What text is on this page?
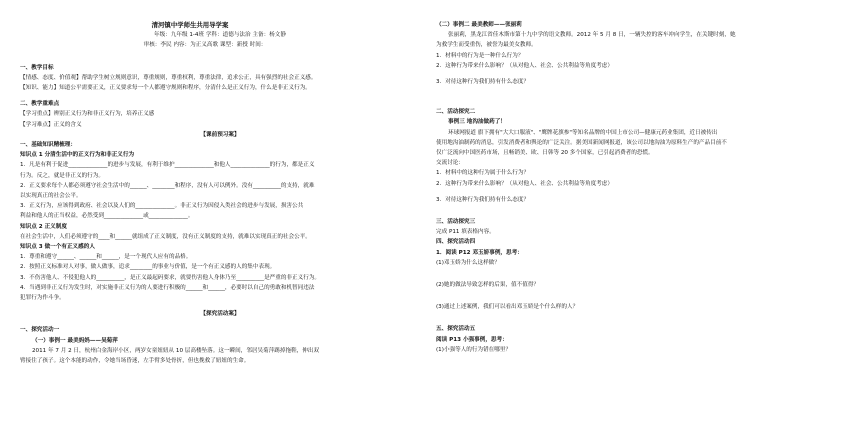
清河镇中学师生共用导学案
年级：九年级 1-4班 学科：道德与法治 主备：杨文静
审核：李民 内容：为正义高歌 课型：新授 时间：
一、教学目标
【情感、态度、价值观】帮助学生树立规则意识，尊重规则，尊重权利，尊重法律，追求公正，具有强烈的社会正义感。
【知识、能力】知道公平需要正义，正义要求每一个人都遵守规则和程序，分清什么是正义行为，什么是非正义行为。
二、教学重难点
【学习重点】辨别正义行为和非正义行为，培养正义感
【学习难点】正义的含义
【课前预习案】
一、基础知识精梳理：
知识点 1 分清生活中的正义行为和非正义行为
1．凡是有利于促进______________的进步与发展，有利于维护______________和他人______________的行为，都是正义
行为。反之，就是非正义的行为。
2．正义要求每个人都必须遵守社会生活中的______、________和程序，没有人可以例外。没有__________的支持，就难
以实现真正的社会公平。
3．正义行为，应该得到政府、社会以及人们的______________。非正义行为因侵入类社会的进步与发展，损害公共
利益和他人的正当权益，必然受到______________或______________。
知识点 2 正义制度
在社会生活中，人们必须遵守的____和______就组成了正义制度，没有正义制度的支持，就难以实现真正的社会公平。
知识点 3 做一个有正义感的人
1．尊重和遵守______、______和______，是一个现代人应有的品格。
2．按照正义标准对人对事，做人做事，追求________的事业与价值，是一个有正义感的人的集中表现。
3．不伤害他人、不侵犯他人的__________，是正义最起码要求，就要伤害他人身体乃至__________是严重的非正义行为。
4．当遇到非正义行为发生时，对实施非正义行为的人要进行积极的______和______，必要时以自己的勇敢和机智同违法
犯罪行为作斗争。
【探究活动案】
一、探究活动一
（一）事例一 最美妈妈——吴菊萍
2011 年 7 月 2 日，杭州白金海岸小区，两岁女童妞妞从 10 层高楼坠落。这一瞬间，邻居吴菊萍踢掉拖鞋，伸出双
臂接住了孩子。这个本能的动作，令她当场昏迷，左手臂多处骨折，但也挽救了妞妞的生命。
（二）事例二 最美教师——张丽莉
张丽莉，黑龙江省佳木斯市第十九中学的语文教师。2012 年 5 月 8 日，一辆失控的客车冲向学生，在关键时刻，她
为救学生而受重伤，被誉为最美女教师。
1．材料中的行为是一种什么行为？
2．这种行为带来什么影响？（从对他人、社会、公共利益等角度考虑）
3．对待这种行为我们持有什么态度？
二、活动探究二
事例三 地沟油做药了！
环球网报道 旗下拥有"大大口服液"、"鹰牌花旗参"等知名品牌的中国上市公司—健康元药业集团，近日被传出
使用地沟油制药的消息，引发消费者和舆论的广泛关注。据美国新闻网报道，该公司以地沟油为原料生产的产品目前不
仅广泛流向中国医药市场，且畅销美、欧、日韩等 20 多个国家，已引起消费者的恐慌。
交流讨论：
1．材料中的这种行为属于什么行为？
2．这种行为带来什么影响？（从对他人、社会、公共利益等角度考虑）
3．对待这种行为我们持有什么态度？
三、活动探究三
完成 P11 填表格内容。
四、探究活动四
1．阅读 P12 邓玉娇事例，思考：
(1)邓玉娇为什么这样做？
(2)她的做法导致怎样的后果，值不值得？
(3)通过上述案例，我们可以看出邓玉娇是个什么样的人？
五、探究活动五
阅读 P13 小强事例，思考：
(1)小强等人的行为错在哪里？
